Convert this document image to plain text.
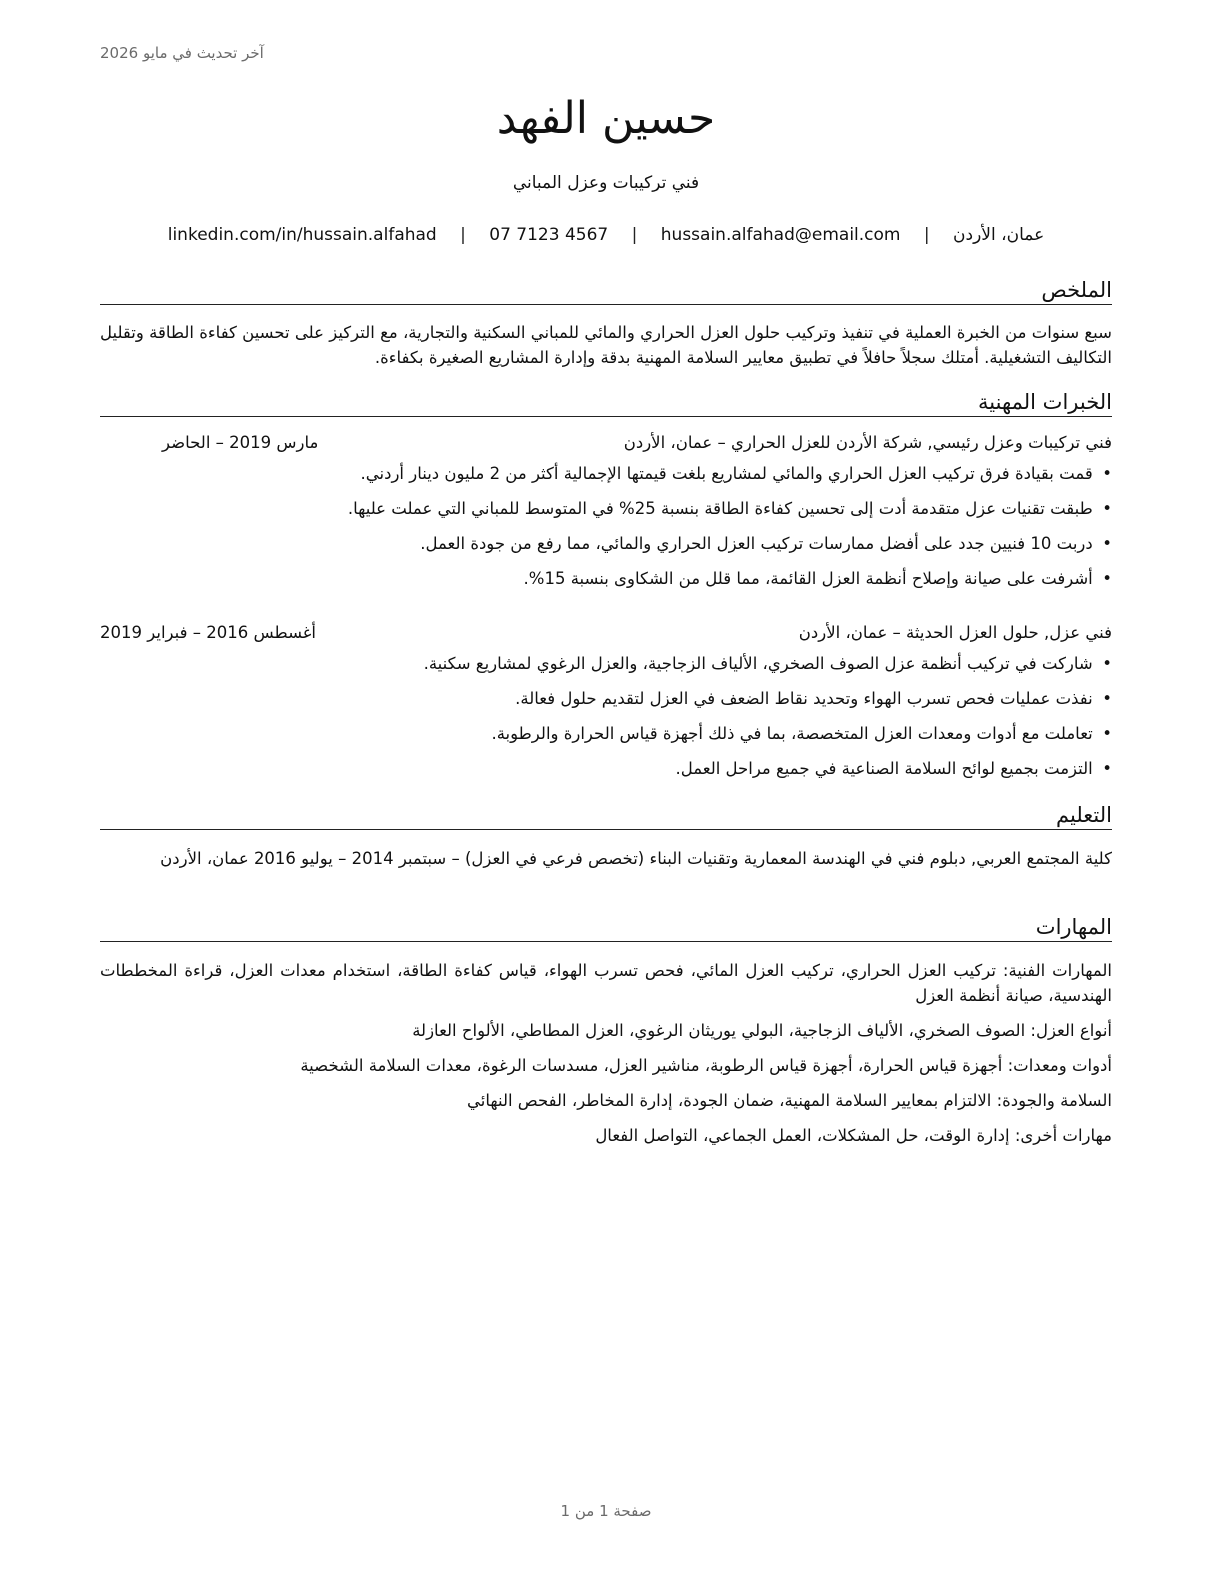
آخر تحديث في مايو 2026
حسين الفهد
فني تركيبات وعزل المباني
عمان، الأردن | hussain.alfahad@email.com | 07 7123 4567 | linkedin.com/in/hussain.alfahad
الملخص
سبع سنوات من الخبرة العملية في تنفيذ وتركيب حلول العزل الحراري والمائي للمباني السكنية والتجارية، مع التركيز على تحسين كفاءة الطاقة وتقليل التكاليف التشغيلية. أمتلك سجلاً حافلاً في تطبيق معايير السلامة المهنية بدقة وإدارة المشاريع الصغيرة بكفاءة.
الخبرات المهنية
فني تركيبات وعزل رئيسي, شركة الأردن للعزل الحراري – عمان، الأردن
مارس 2019 – الحاضر
• قمت بقيادة فرق تركيب العزل الحراري والمائي لمشاريع بلغت قيمتها الإجمالية أكثر من 2 مليون دينار أردني.
• طبقت تقنيات عزل متقدمة أدت إلى تحسين كفاءة الطاقة بنسبة 25% في المتوسط للمباني التي عملت عليها.
• دربت 10 فنيين جدد على أفضل ممارسات تركيب العزل الحراري والمائي، مما رفع من جودة العمل.
• أشرفت على صيانة وإصلاح أنظمة العزل القائمة، مما قلل من الشكاوى بنسبة 15%.
فني عزل, حلول العزل الحديثة – عمان، الأردن
أغسطس 2016 – فبراير 2019
• شاركت في تركيب أنظمة عزل الصوف الصخري، الألياف الزجاجية، والعزل الرغوي لمشاريع سكنية.
• نفذت عمليات فحص تسرب الهواء وتحديد نقاط الضعف في العزل لتقديم حلول فعالة.
• تعاملت مع أدوات ومعدات العزل المتخصصة، بما في ذلك أجهزة قياس الحرارة والرطوبة.
• التزمت بجميع لوائح السلامة الصناعية في جميع مراحل العمل.
التعليم
كلية المجتمع العربي, دبلوم فني في الهندسة المعمارية وتقنيات البناء (تخصص فرعي في العزل) – سبتمبر 2014 – يوليو 2016 عمان، الأردن
المهارات
المهارات الفنية: تركيب العزل الحراري، تركيب العزل المائي، فحص تسرب الهواء، قياس كفاءة الطاقة، استخدام معدات العزل، قراءة المخططات الهندسية، صيانة أنظمة العزل
أنواع العزل: الصوف الصخري، الألياف الزجاجية، البولي يوريثان الرغوي، العزل المطاطي، الألواح العازلة
أدوات ومعدات: أجهزة قياس الحرارة، أجهزة قياس الرطوبة، مناشير العزل، مسدسات الرغوة، معدات السلامة الشخصية
السلامة والجودة: الالتزام بمعايير السلامة المهنية، ضمان الجودة، إدارة المخاطر، الفحص النهائي
مهارات أخرى: إدارة الوقت، حل المشكلات، العمل الجماعي، التواصل الفعال
صفحة 1 من 1
